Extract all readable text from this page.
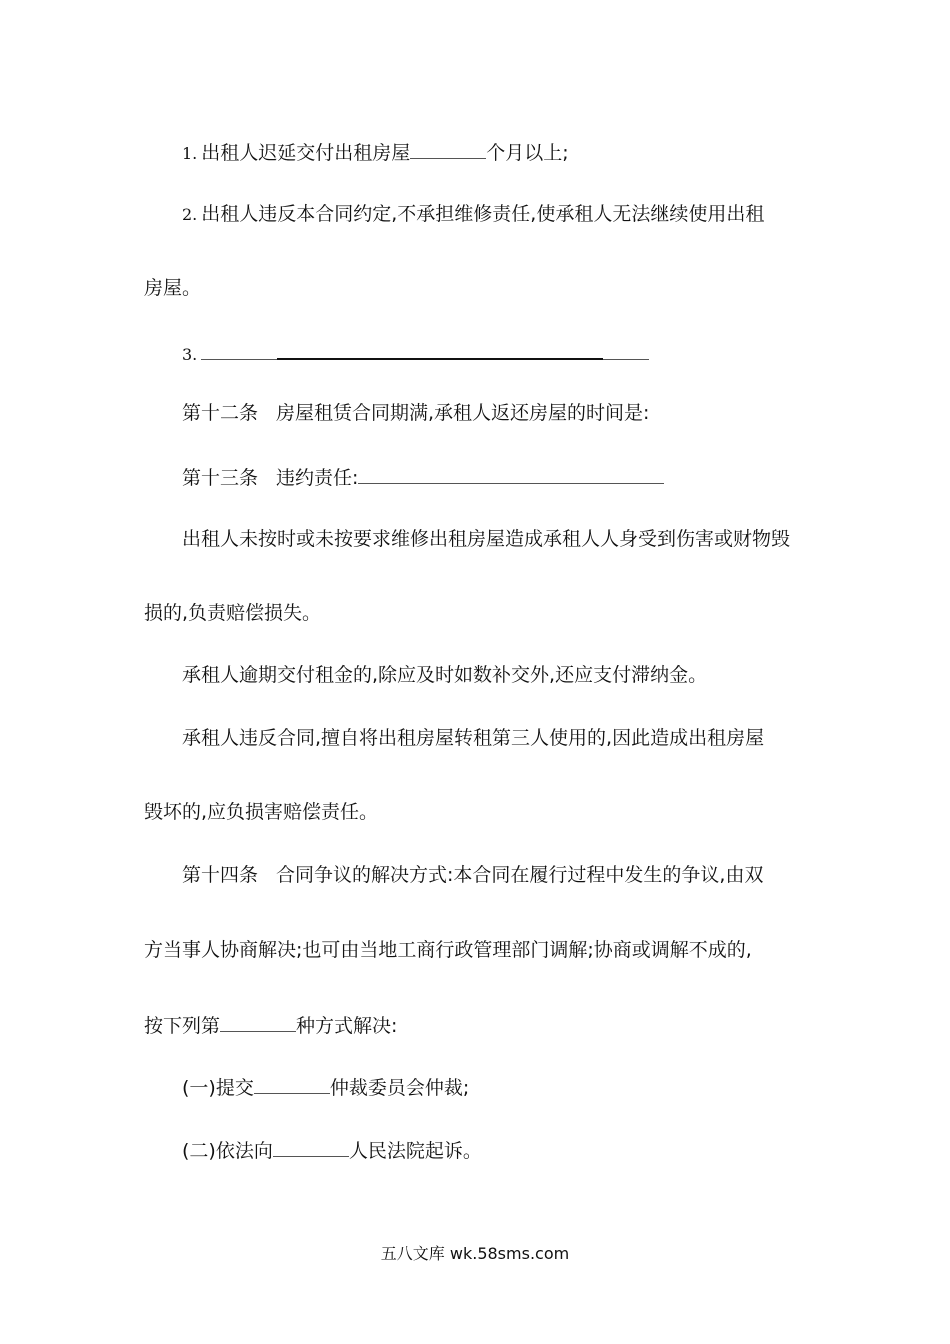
1. 出租人迟延交付出租房屋	个月以上;
2. 出租人违反本合同约定,不承担维修责任,使承租人无法继续使用出租
房屋。
3.
第十二条 房屋租赁合同期满,承租人返还房屋的时间是:
第十三条 违约责任:
出租人未按时或未按要求维修出租房屋造成承租人人身受到伤害或财物毁
损的,负责赔偿损失。
承租人逾期交付租金的,除应及时如数补交外,还应支付滞纳金。
承租人违反合同,擅自将出租房屋转租第三人使用的,因此造成出租房屋
毁坏的,应负损害赔偿责任。
第十四条 合同争议的解决方式:本合同在履行过程中发生的争议,由双
方当事人协商解决;也可由当地工商行政管理部门调解;协商或调解不成的,
按下列第	种方式解决:
(一)提交	仲裁委员会仲裁;
(二)依法向	人民法院起诉。
五八文库 wk.58sms.com
